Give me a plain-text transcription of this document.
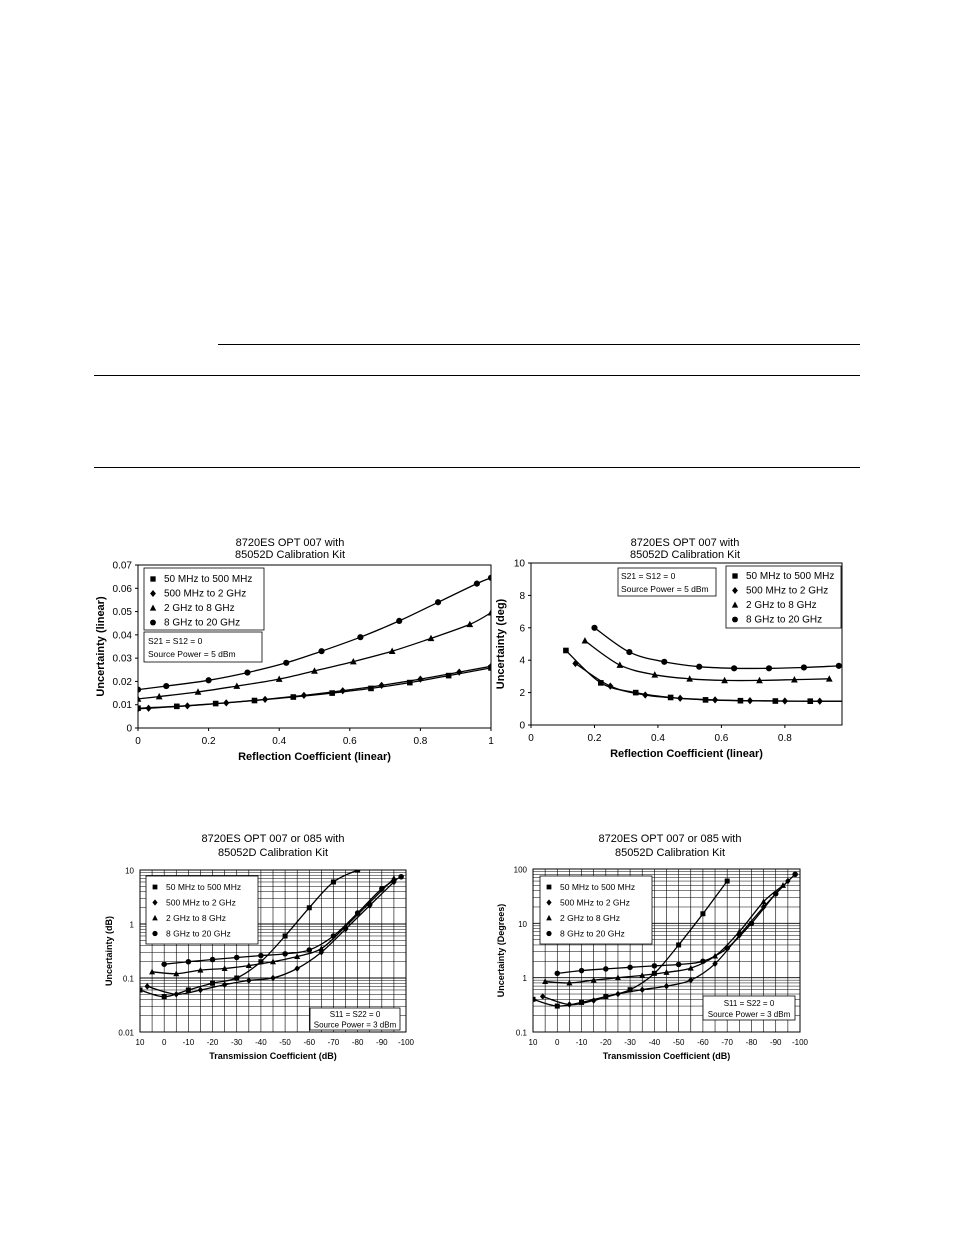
8720ES OPT 007 with
85052D Calibration Kit
0	0.2	0.4	0.6	0.8	1
0
0.01
0.02
0.03
0.04
0.05
0.06
0.07
Reflection Coefficient (linear)
Uncertainty (linear)
50 MHz to 500 MHz
500 MHz to 2 GHz
2 GHz to 8 GHz
8 GHz to 20 GHz
S21 = S12 = 0
Source Power = 5 dBm
8720ES OPT 007 with
85052D Calibration Kit
0	0.2	0.4	0.6	0.8
0
2
4
6
8
10
Reflection Coefficient (linear)
Uncertainty (deg)
50 MHz to 500 MHz
500 MHz to 2 GHz
2 GHz to 8 GHz
8 GHz to 20 GHz
S21 = S12 = 0
Source Power = 5 dBm
8720ES OPT 007 or 085 with
85052D Calibration Kit
10 0 -10 -20 -30 -40 -50 -60 -70 -80 -90 -100
0.01
0.1
1
10
Transmission Coefficient (dB)
Uncertainty (dB)
50 MHz to 500 MHz
500 MHz to 2 GHz
2 GHz to 8 GHz
8 GHz to 20 GHz
S11 = S22 = 0
Source Power = 3 dBm
8720ES OPT 007 or 085 with
85052D Calibration Kit
10 0 -10 -20 -30 -40 -50 -60 -70 -80 -90 -100
0.1
1
10
100
Transmission Coefficient (dB)
Uncertainty (Degrees)
50 MHz to 500 MHz
500 MHz to 2 GHz
2 GHz to 8 GHz
8 GHz to 20 GHz
S11 = S22 = 0
Source Power = 3 dBm
